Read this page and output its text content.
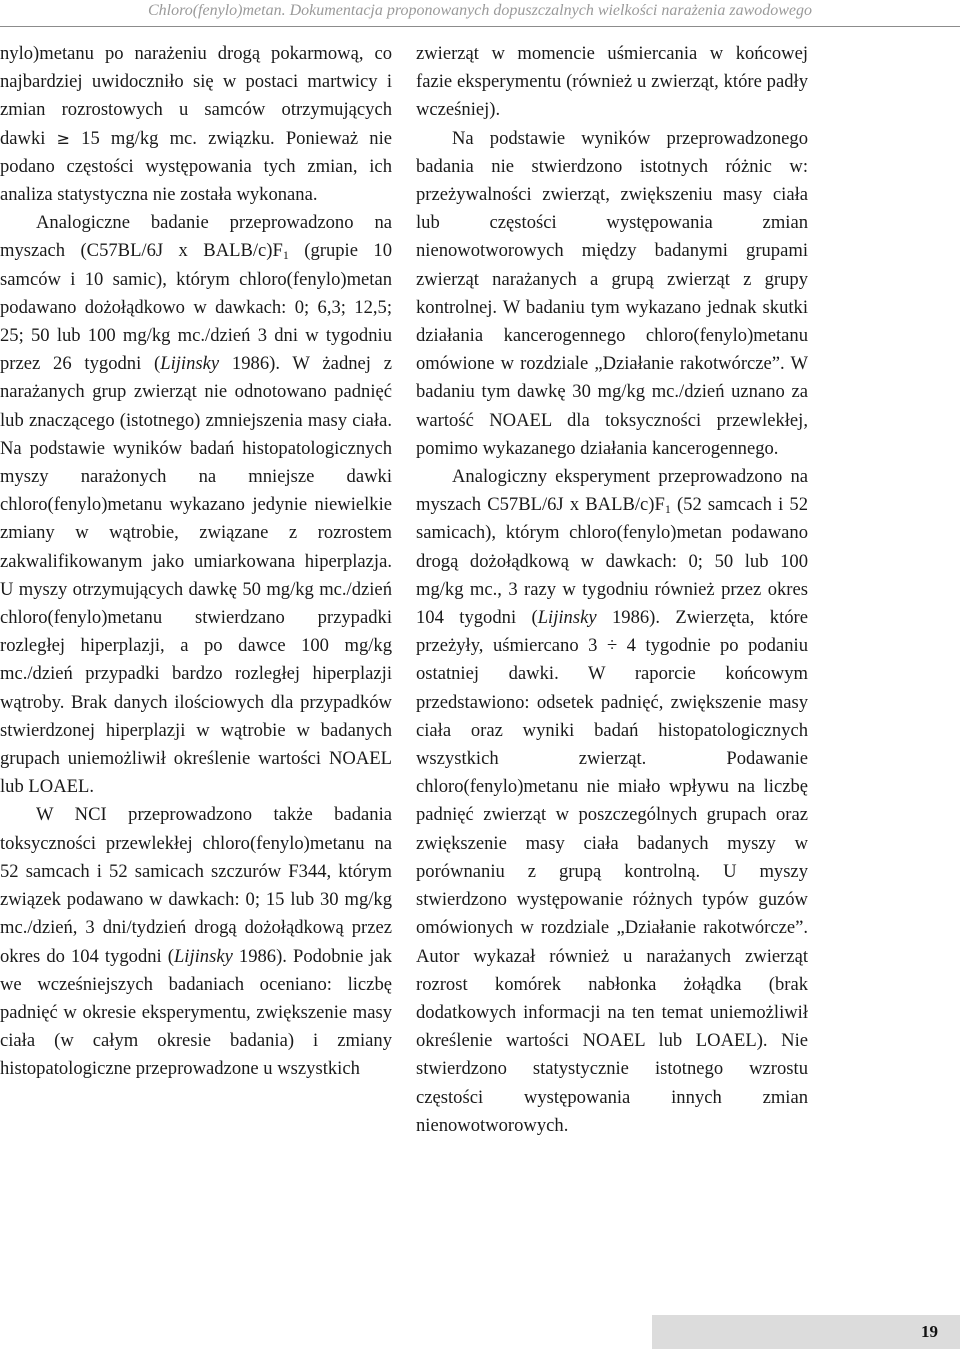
Chloro(fenylo)metan. Dokumentacja proponowanych dopuszczalnych wielkości narażenia zawodowego

nylo)metanu po narażeniu drogą pokarmową, co najbardziej uwidoczniło się w postaci martwicy i zmian rozrostowych u samców otrzymujących dawki ≥ 15 mg/kg mc. związku. Ponieważ nie podano częstości występowania tych zmian, ich analiza statystyczna nie została wykonana.

Analogiczne badanie przeprowadzono na myszach (C57BL/6J x BALB/$c)F_1$ (grupie 10 samców i 10 samic), którym chloro(fenylo)metan podawano dożołądkowo w dawkach: 0; 6,3; 12,5; 25; 50 lub 100 mg/kg mc./dzień 3 dni w tygodniu przez 26 tygodni (Lijinsky 1986). W żadnej z narażanych grup zwierząt nie odnotowano padnięć lub znaczącego (istotnego) zmniejszenia masy ciała. Na podstawie wyników badań histopatologicznych myszy narażonych na mniejsze dawki chloro(fenylo)metanu wykazano jedynie niewielkie zmiany w wątrobie, związane z rozrostem zakwalifikowanym jako umiarkowana hiperplazja. U myszy otrzymujących dawkę 50 mg/kg mc./dzień chloro(fenylo)metanu stwierdzano przypadki rozległej hiperplazji, a po dawce 100 mg/kg mc./dzień przypadki bardzo rozległej hiperplazji wątroby. Brak danych ilościowych dla przypadków stwierdzonej hiperplazji w wątrobie w badanych grupach uniemożliwił określenie wartości NOAEL lub LOAEL.

W NCI przeprowadzono także badania toksyczności przewlekłej chloro(fenylo)metanu na 52 samcach i 52 samicach szczurów F344, którym związek podawano w dawkach: 0; 15 lub 30 mg/kg mc./dzień, 3 dni/tydzień drogą dożołądkową przez okres do 104 tygodni (Lijinsky 1986). Podobnie jak we wcześniejszych badaniach oceniano: liczbę padnięć w okresie eksperymentu, zwiększenie masy ciała (w całym okresie badania) i zmiany histopatologiczne przeprowadzone u wszystkich

zwierząt w momencie uśmiercania w końcowej fazie eksperymentu (również u zwierząt, które padły wcześniej).

Na podstawie wyników przeprowadzonego badania nie stwierdzono istotnych różnic w: przeżywalności zwierząt, zwiększeniu masy ciała lub częstości występowania zmian nienowotworowych między badanymi grupami zwierząt narażanych a grupą zwierząt z grupy kontrolnej. W badaniu tym wykazano jednak skutki działania kancerogennego chloro(fenylo)metanu omówione w rozdziale „Działanie rakotwórcze”. W badaniu tym dawkę 30 mg/kg mc./dzień uznano za wartość NOAEL dla toksyczności przewlekłej, pomimo wykazanego działania kancerogennego.

Analogiczny eksperyment przeprowadzono na myszach C57BL/6J x BALB/$c)F_1$ (52 samcach i 52 samicach), którym chloro(fenylo)metan podawano drogą dożołądkową w dawkach: 0; 50 lub 100 mg/kg mc., 3 razy w tygodniu również przez okres 104 tygodni (Lijinsky 1986). Zwierzęta, które przeżyły, uśmiercano 3 ÷ 4 tygodnie po podaniu ostatniej dawki. W raporcie końcowym przedstawiono: odsetek padnięć, zwiększenie masy ciała oraz wyniki badań histopatologicznych wszystkich zwierząt. Podawanie chloro(fenylo)metanu nie miało wpływu na liczbę padnięć zwierząt w poszczególnych grupach oraz zwiększenie masy ciała badanych myszy w porównaniu z grupą kontrolną. U myszy stwierdzono występowanie różnych typów guzów omówionych w rozdziale „Działanie rakotwórcze”. Autor wykazał również u narażanych zwierząt rozrost komórek nabłonka żołądka (brak dodatkowych informacji na ten temat uniemożliwił określenie wartości NOAEL lub LOAEL). Nie stwierdzono statystycznie istotnego wzrostu częstości występowania innych zmian nienowotworowych.

19
